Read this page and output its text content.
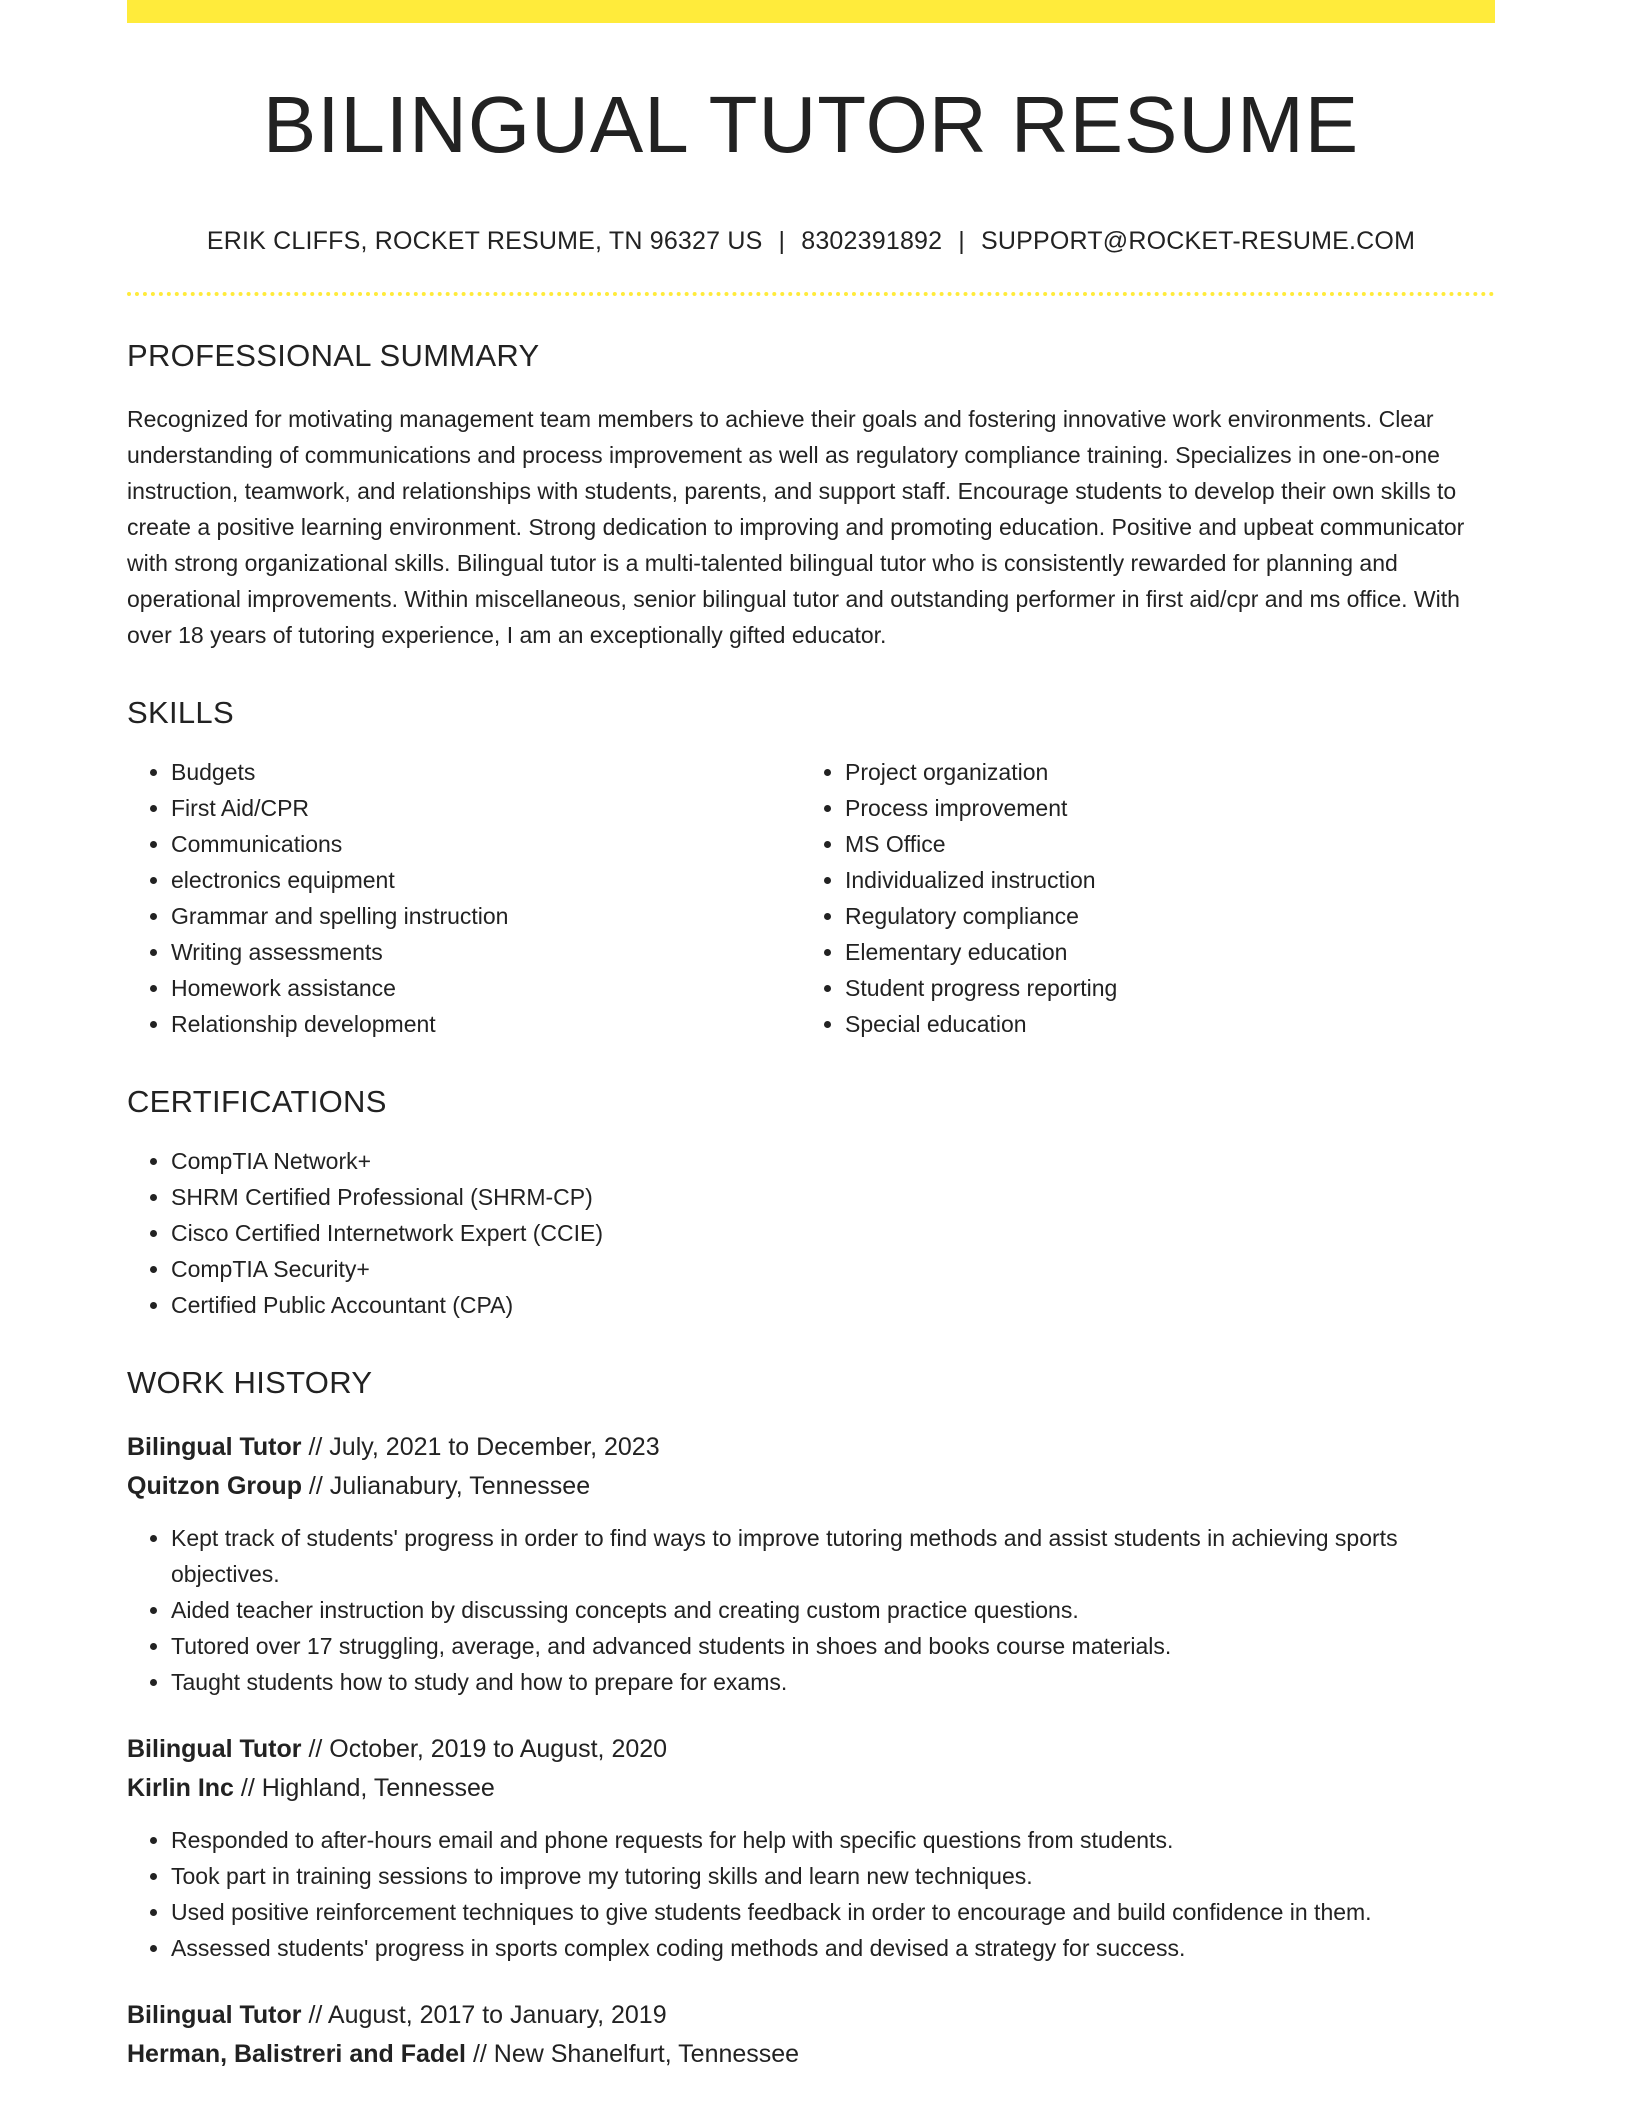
BILINGUAL TUTOR RESUME
ERIK CLIFFS, ROCKET RESUME, TN 96327 US | 8302391892 | SUPPORT@ROCKET-RESUME.COM
PROFESSIONAL SUMMARY
Recognized for motivating management team members to achieve their goals and fostering innovative work environments. Clear understanding of communications and process improvement as well as regulatory compliance training. Specializes in one-on-one instruction, teamwork, and relationships with students, parents, and support staff. Encourage students to develop their own skills to create a positive learning environment. Strong dedication to improving and promoting education. Positive and upbeat communicator with strong organizational skills. Bilingual tutor is a multi-talented bilingual tutor who is consistently rewarded for planning and operational improvements. Within miscellaneous, senior bilingual tutor and outstanding performer in first aid/cpr and ms office. With over 18 years of tutoring experience, I am an exceptionally gifted educator.
SKILLS
• Budgets
• First Aid/CPR
• Communications
• electronics equipment
• Grammar and spelling instruction
• Writing assessments
• Homework assistance
• Relationship development
• Project organization
• Process improvement
• MS Office
• Individualized instruction
• Regulatory compliance
• Elementary education
• Student progress reporting
• Special education
CERTIFICATIONS
• CompTIA Network+
• SHRM Certified Professional (SHRM-CP)
• Cisco Certified Internetwork Expert (CCIE)
• CompTIA Security+
• Certified Public Accountant (CPA)
WORK HISTORY
Bilingual Tutor // July, 2021 to December, 2023
Quitzon Group // Julianabury, Tennessee
• Kept track of students' progress in order to find ways to improve tutoring methods and assist students in achieving sports objectives.
• Aided teacher instruction by discussing concepts and creating custom practice questions.
• Tutored over 17 struggling, average, and advanced students in shoes and books course materials.
• Taught students how to study and how to prepare for exams.
Bilingual Tutor // October, 2019 to August, 2020
Kirlin Inc // Highland, Tennessee
• Responded to after-hours email and phone requests for help with specific questions from students.
• Took part in training sessions to improve my tutoring skills and learn new techniques.
• Used positive reinforcement techniques to give students feedback in order to encourage and build confidence in them.
• Assessed students' progress in sports complex coding methods and devised a strategy for success.
Bilingual Tutor // August, 2017 to January, 2019
Herman, Balistreri and Fadel // New Shanelfurt, Tennessee
